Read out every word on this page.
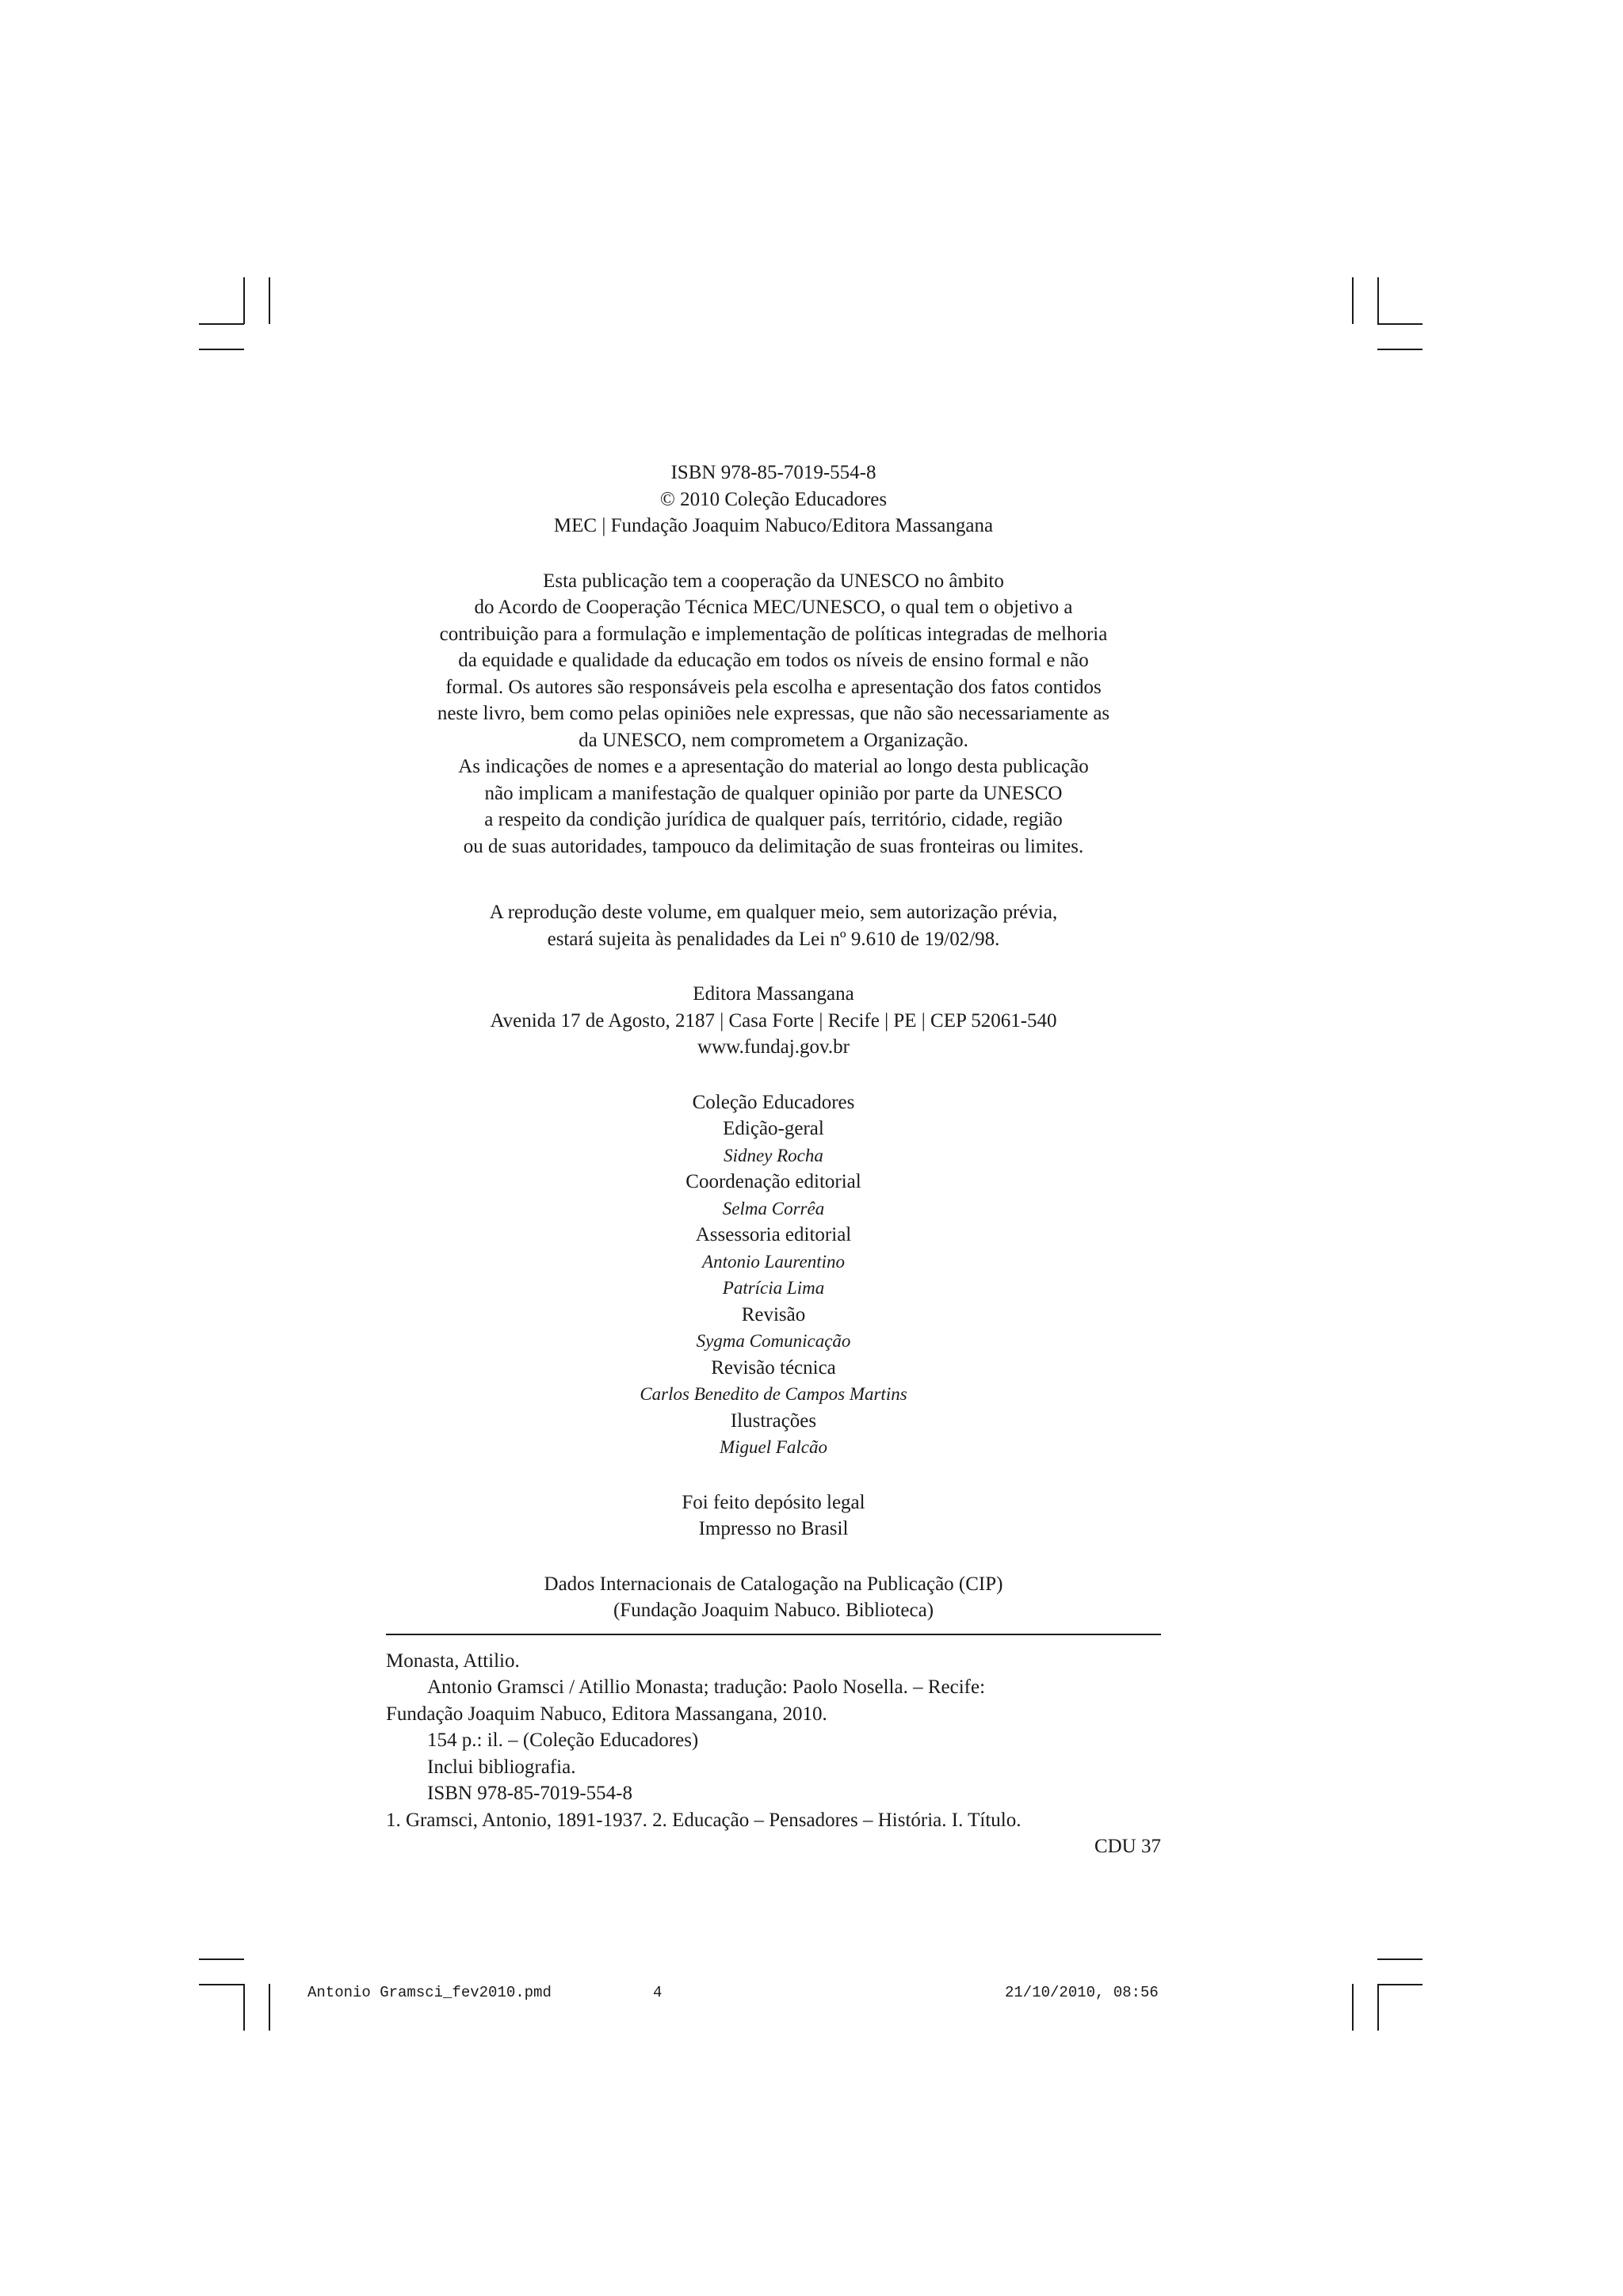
ISBN 978-85-7019-554-8

© 2010 Coleção Educadores

MEC | Fundação Joaquim Nabuco/Editora Massangana

Esta publicação tem a cooperação da UNESCO no âmbito

do Acordo de Cooperação Técnica MEC/UNESCO, o qual tem o objetivo a

contribuição para a formulação e implementação de políticas integradas de melhoria

da equidade e qualidade da educação em todos os níveis de ensino formal e não

formal. Os autores são responsáveis pela escolha e apresentação dos fatos contidos

neste livro, bem como pelas opiniões nele expressas, que não são necessariamente as

da UNESCO, nem comprometem a Organização.

As indicações de nomes e a apresentação do material ao longo desta publicação

não implicam a manifestação de qualquer opinião por parte da UNESCO

a respeito da condição jurídica de qualquer país, território, cidade, região

ou de suas autoridades, tampouco da delimitação de suas fronteiras ou limites.

A reprodução deste volume, em qualquer meio, sem autorização prévia,

estará sujeita às penalidades da Lei nº 9.610 de 19/02/98.

Editora Massangana

Avenida 17 de Agosto, 2187 | Casa Forte | Recife | PE | CEP 52061-540

www.fundaj.gov.br

Coleção Educadores

Edição-geral

Sidney Rocha

Coordenação editorial

Selma Corrêa

Assessoria editorial

Antonio Laurentino

Patrícia Lima

Revisão

Sygma Comunicação

Revisão técnica

Carlos Benedito de Campos Martins

Ilustrações

Miguel Falcão

Foi feito depósito legal

Impresso no Brasil

Dados Internacionais de Catalogação na Publicação (CIP)

(Fundação Joaquim Nabuco. Biblioteca)

Monasta, Attilio.

Antonio Gramsci / Atillio Monasta; tradução: Paolo Nosella. – Recife:

Fundação Joaquim Nabuco, Editora Massangana, 2010.

154 p.: il. – (Coleção Educadores)

Inclui bibliografia.

ISBN 978-85-7019-554-8

1. Gramsci, Antonio, 1891-1937. 2. Educação – Pensadores – História. I. Título.

CDU 37

Antonio Gramsci_fev2010.pmd	4	21/10/2010, 08:56
